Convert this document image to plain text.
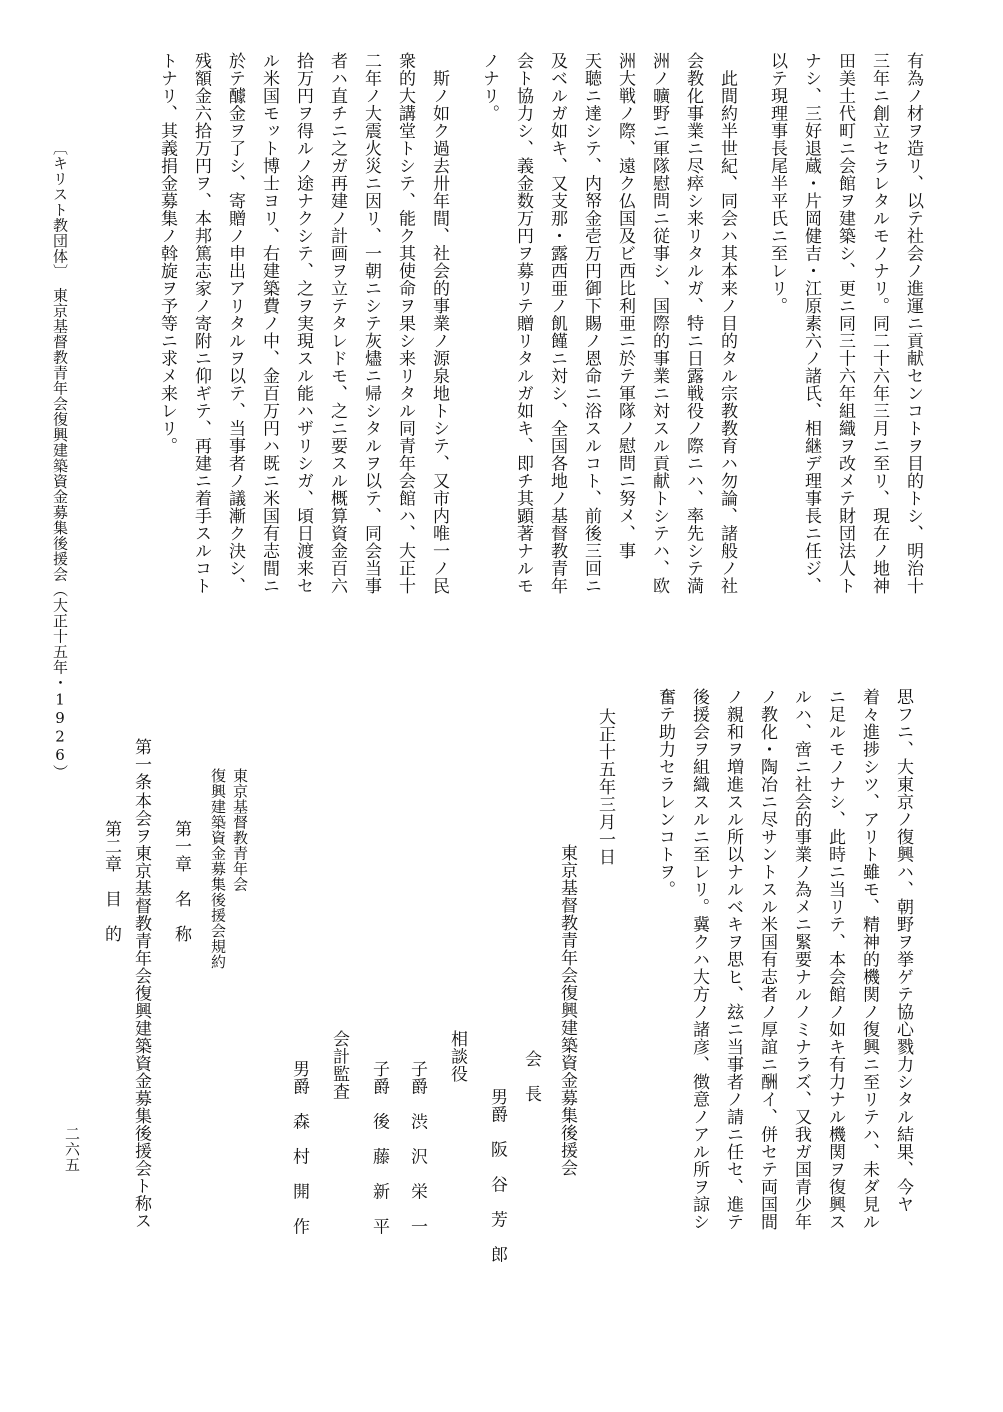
有為ノ材ヲ造リ、以テ社会ノ進運ニ貢献センコトヲ目的トシ、明治十
三年ニ創立セラレタルモノナリ。同二十六年三月ニ至リ、現在ノ地神
田美土代町ニ会館ヲ建築シ、更ニ同三十六年組織ヲ改メテ財団法人ト
ナシ、三好退蔵・片岡健吉・江原素六ノ諸氏、相継デ理事長ニ任ジ、
以テ現理事長尾半平氏ニ至レリ。
　此間約半世紀、同会ハ其本来ノ目的タル宗教教育ハ勿論、諸般ノ社
会教化事業ニ尽瘁シ来リタルガ、特ニ日露戦役ノ際ニハ、率先シテ満
洲ノ曠野ニ軍隊慰問ニ従事シ、国際的事業ニ対スル貢献トシテハ、欧
洲大戦ノ際、遠ク仏国及ビ西比利亜ニ於テ軍隊ノ慰問ニ努メ、事
天聴ニ達シテ、内帑金壱万円御下賜ノ恩命ニ浴スルコト、前後三回ニ
及ベルガ如キ、又支那・露西亜ノ飢饉ニ対シ、全国各地ノ基督教青年
会ト協力シ、義金数万円ヲ募リテ贈リタルガ如キ、即チ其顕著ナルモ
ノナリ。
　斯ノ如ク過去卅年間、社会的事業ノ源泉地トシテ、又市内唯一ノ民
衆的大講堂トシテ、能ク其使命ヲ果シ来リタル同青年会館ハ、大正十
二年ノ大震火災ニ因リ、一朝ニシテ灰燼ニ帰シタルヲ以テ、同会当事
者ハ直チニ之ガ再建ノ計画ヲ立テタレドモ、之ニ要スル概算資金百六
拾万円ヲ得ルノ途ナクシテ、之ヲ実現スル能ハザリシガ、頃日渡来セ
ル米国モット博士ヨリ、右建築費ノ中、金百万円ハ既ニ米国有志間ニ
於テ醵金ヲ了シ、寄贈ノ申出アリタルヲ以テ、当事者ノ議漸ク決シ、
残額金六拾万円ヲ、本邦篤志家ノ寄附ニ仰ギテ、再建ニ着手スルコト
トナリ、其義捐金募集ノ斡旋ヲ予等ニ求メ来レリ。
思フニ、大東京ノ復興ハ、朝野ヲ挙ゲテ協心戮力シタル結果、今ヤ
着々進捗シツ、アリト雖モ、精神的機関ノ復興ニ至リテハ、未ダ見ル
ニ足ルモノナシ、此時ニ当リテ、本会館ノ如キ有力ナル機関ヲ復興ス
ルハ、啻ニ社会的事業ノ為メニ緊要ナルノミナラズ、又我ガ国青少年
ノ教化・陶冶ニ尽サントスル米国有志者ノ厚誼ニ酬イ、併セテ両国間
ノ親和ヲ増進スル所以ナルベキヲ思ヒ、玆ニ当事者ノ請ニ任セ、進テ
後援会ヲ組織スルニ至レリ。冀クハ大方ノ諸彦、徴意ノアル所ヲ諒シ
奮テ助力セラレンコトヲ。
大正十五年三月一日
東京基督教青年会復興建築資金募集後援会
会　長
男爵　阪　谷　芳　郎
相談役
子爵　渋　沢　栄　一
子爵　後　藤　新　平
会計監査
男爵　森　村　開　作
東京基督教青年会
復興建築資金募集後援会規約
第一章　名　称
第一条
本会ヲ東京基督教青年会復興建築資金募集後援会ト称ス
第二章　目　的
〔キリスト教団体〕　東京基督教青年会復興建築資金募集後援会（大正十五年・1926）
二六五
